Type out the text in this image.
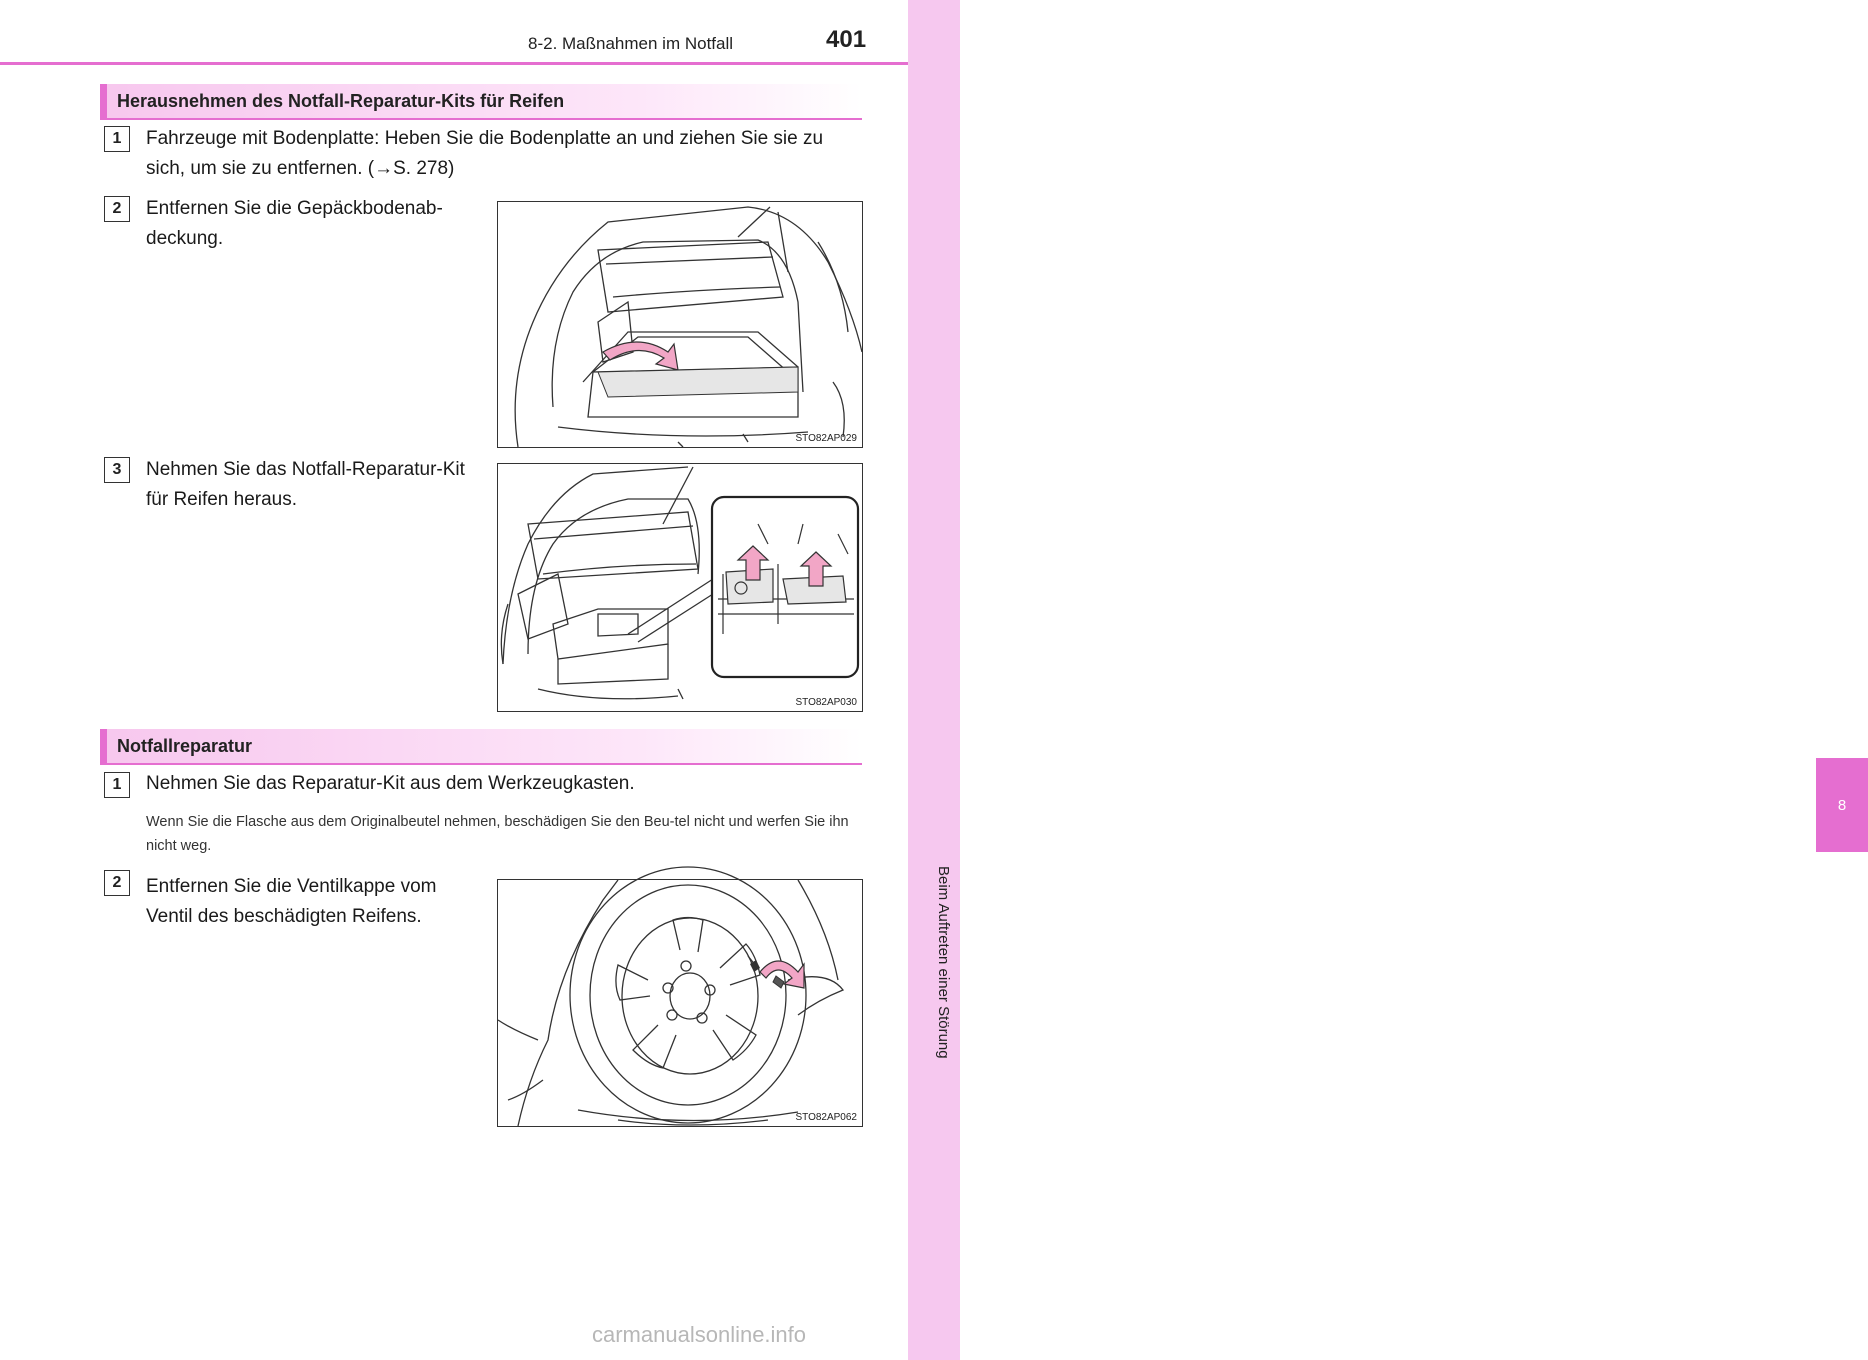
8
Beim Auftreten einer Störung
8-2. Maßnahmen im Notfall	401
Herausnehmen des Notfall-Reparatur-Kits für Reifen
1	Fahrzeuge mit Bodenplatte: Heben Sie die Bodenplatte an und ziehen Sie sie zu sich, um sie zu entfernen. (→S. 278)
2	Entfernen Sie die Gepäckbodenab-deckung.
STO82AP029
3	Nehmen Sie das Notfall-Reparatur-Kit für Reifen heraus.
STO82AP030
Notfallreparatur
1	Nehmen Sie das Reparatur-Kit aus dem Werkzeugkasten.
Wenn Sie die Flasche aus dem Originalbeutel nehmen, beschädigen Sie den Beu-tel nicht und werfen Sie ihn nicht weg.
2	Entfernen Sie die Ventilkappe vom Ventil des beschädigten Reifens.
STO82AP062
carmanualsonline.info
